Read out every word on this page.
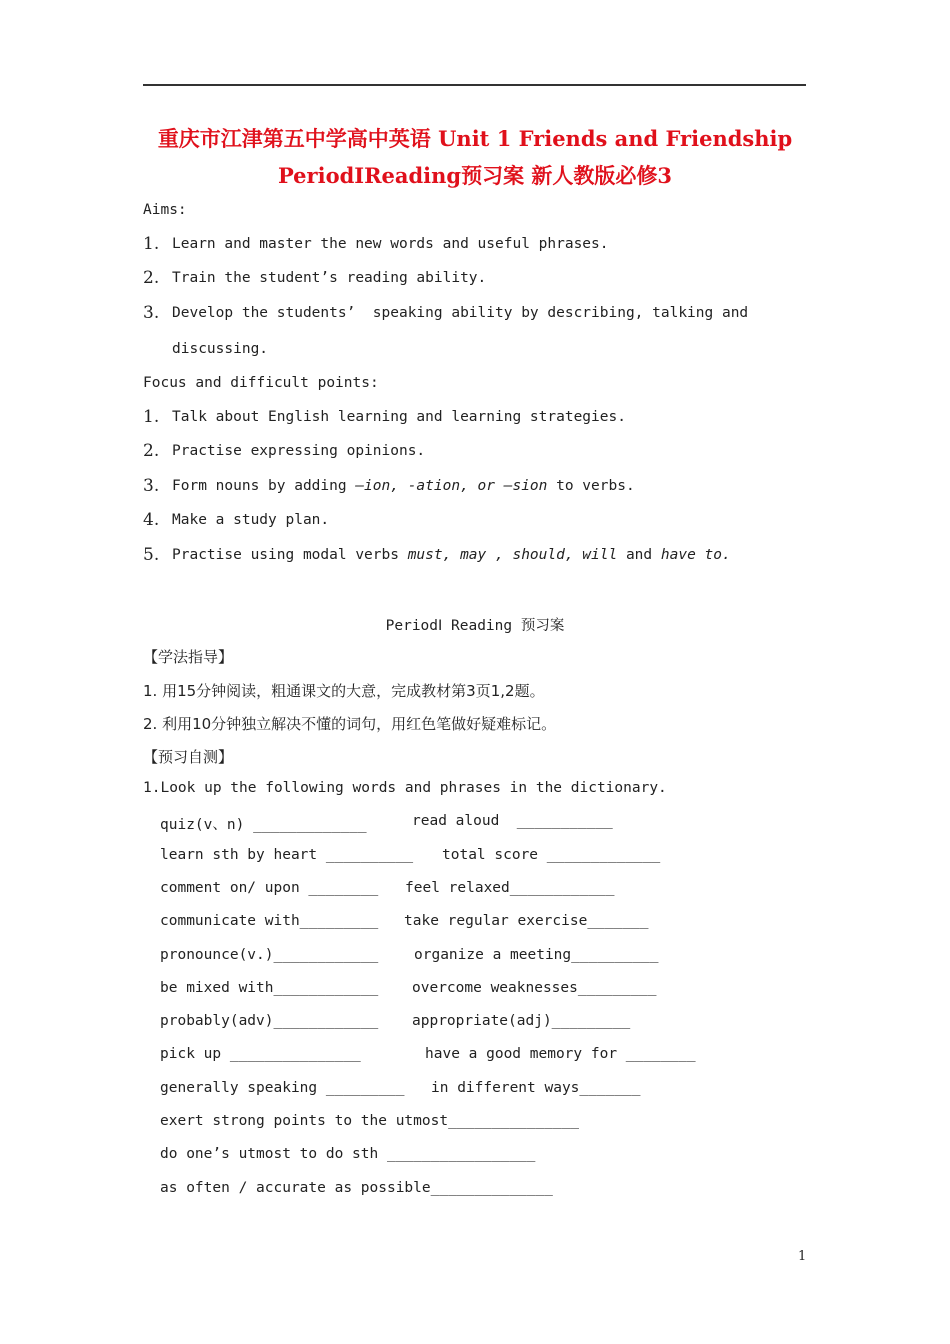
重庆市江津第五中学高中英语 Unit 1 Friends and Friendship
PeriodⅠReading预习案 新人教版必修3
Aims:
1. Learn and master the new words and useful phrases.
2. Train the student’s reading ability.
3. Develop the students’  speaking ability by describing, talking and
discussing.
Focus and difficult points:
1. Talk about English learning and learning strategies.
2. Practise expressing opinions.
3. Form nouns by adding –ion, -ation, or –sion to verbs.
4. Make a study plan.
5. Practise using modal verbs must, may , should, will and have to.
PeriodⅠ Reading 预习案
【学法指导】
1. 用15分钟阅读，粗通课文的大意，完成教材第3页1,2题。
2. 利用10分钟独立解决不懂的词句，用红色笔做好疑难标记。
【预习自测】
1.Look up the following words and phrases in the dictionary.
quiz(v、n) _____________	read aloud  ___________
learn sth by heart __________ total score _____________
comment on/ upon ________ feel relaxed____________
communicate with_________ take regular exercise_______
pronounce(v.)____________ organize a meeting__________
be mixed with____________ overcome weaknesses_________
probably(adv)____________ appropriate(adj)_________
pick up _______________	have a good memory for ________
generally speaking _________ in different ways_______
exert strong points to the utmost_______________
do one’s utmost to do sth _________________
as often / accurate as possible______________
1
